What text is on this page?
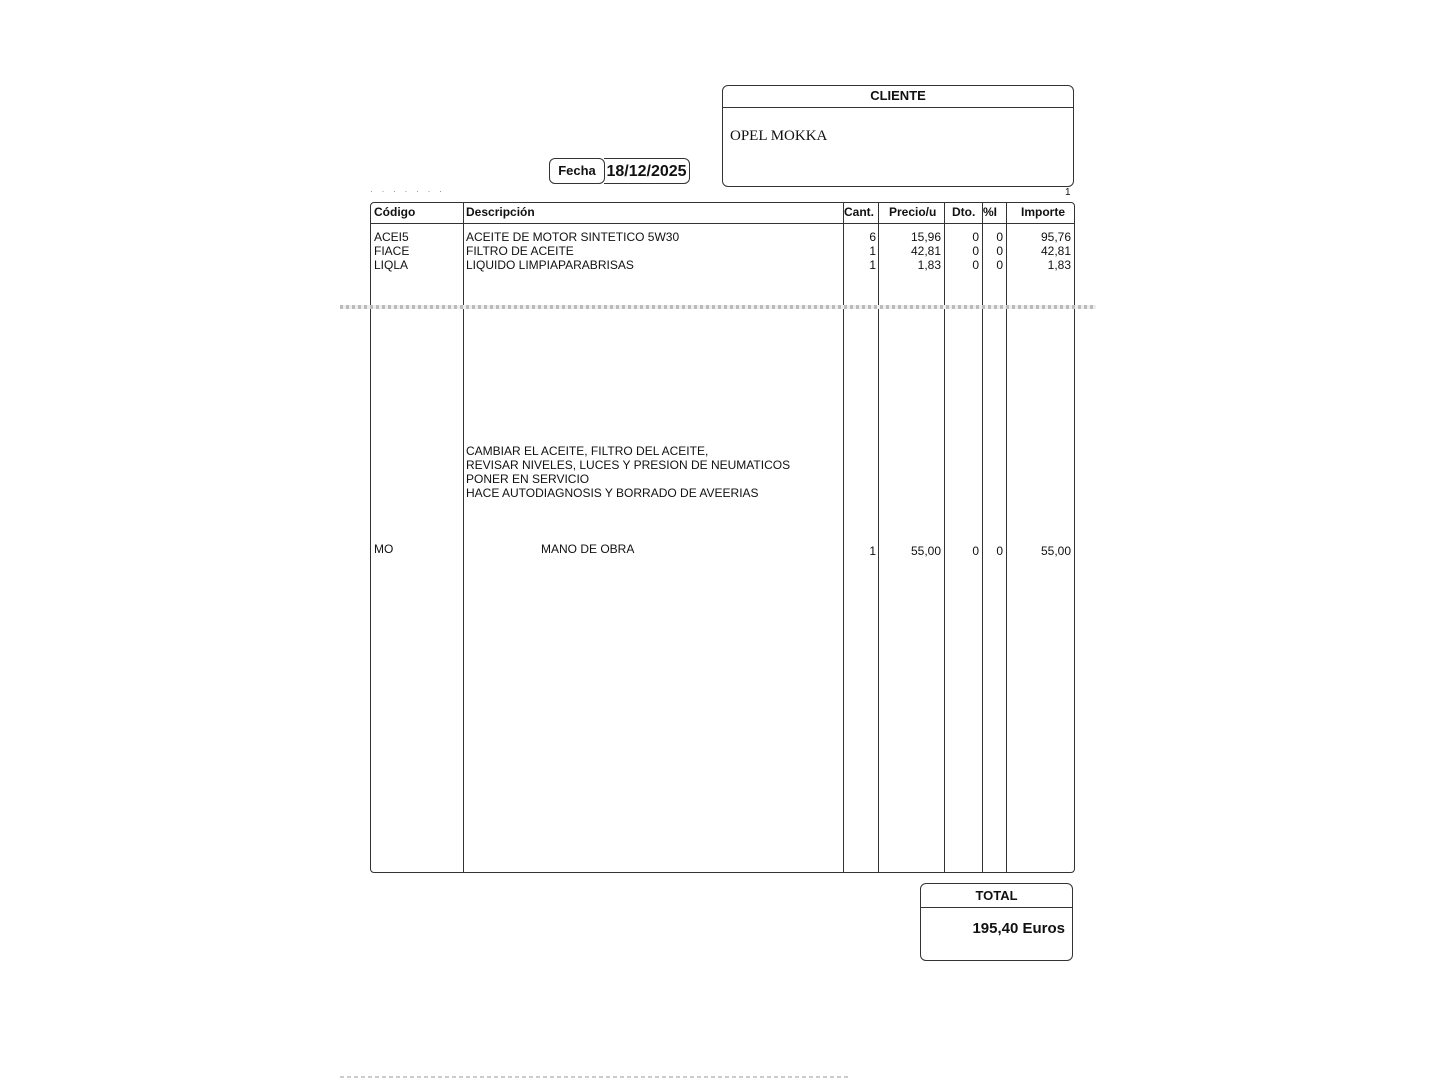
· · · · · · ·
CLIENTE
OPEL MOKKA
Fecha 18/12/2025
1
Código	Descripción	Cant. Precio/u Dto. %I Importe
ACEI5	ACEITE DE MOTOR SINTETICO 5W30	6	15,96	0	0	95,76
FIACE	FILTRO DE ACEITE	1	42,81	0	0	42,81
LIQLA	LIQUIDO LIMPIAPARABRISAS	1	1,83	0	0	1,83
CAMBIAR EL ACEITE, FILTRO DEL ACEITE,
REVISAR NIVELES, LUCES Y PRESION DE NEUMATICOS
PONER EN SERVICIO
HACE AUTODIAGNOSIS Y BORRADO DE AVEERIAS
MO	MANO DE OBRA	1	55,00	0	0	55,00
TOTAL
195,40 Euros
